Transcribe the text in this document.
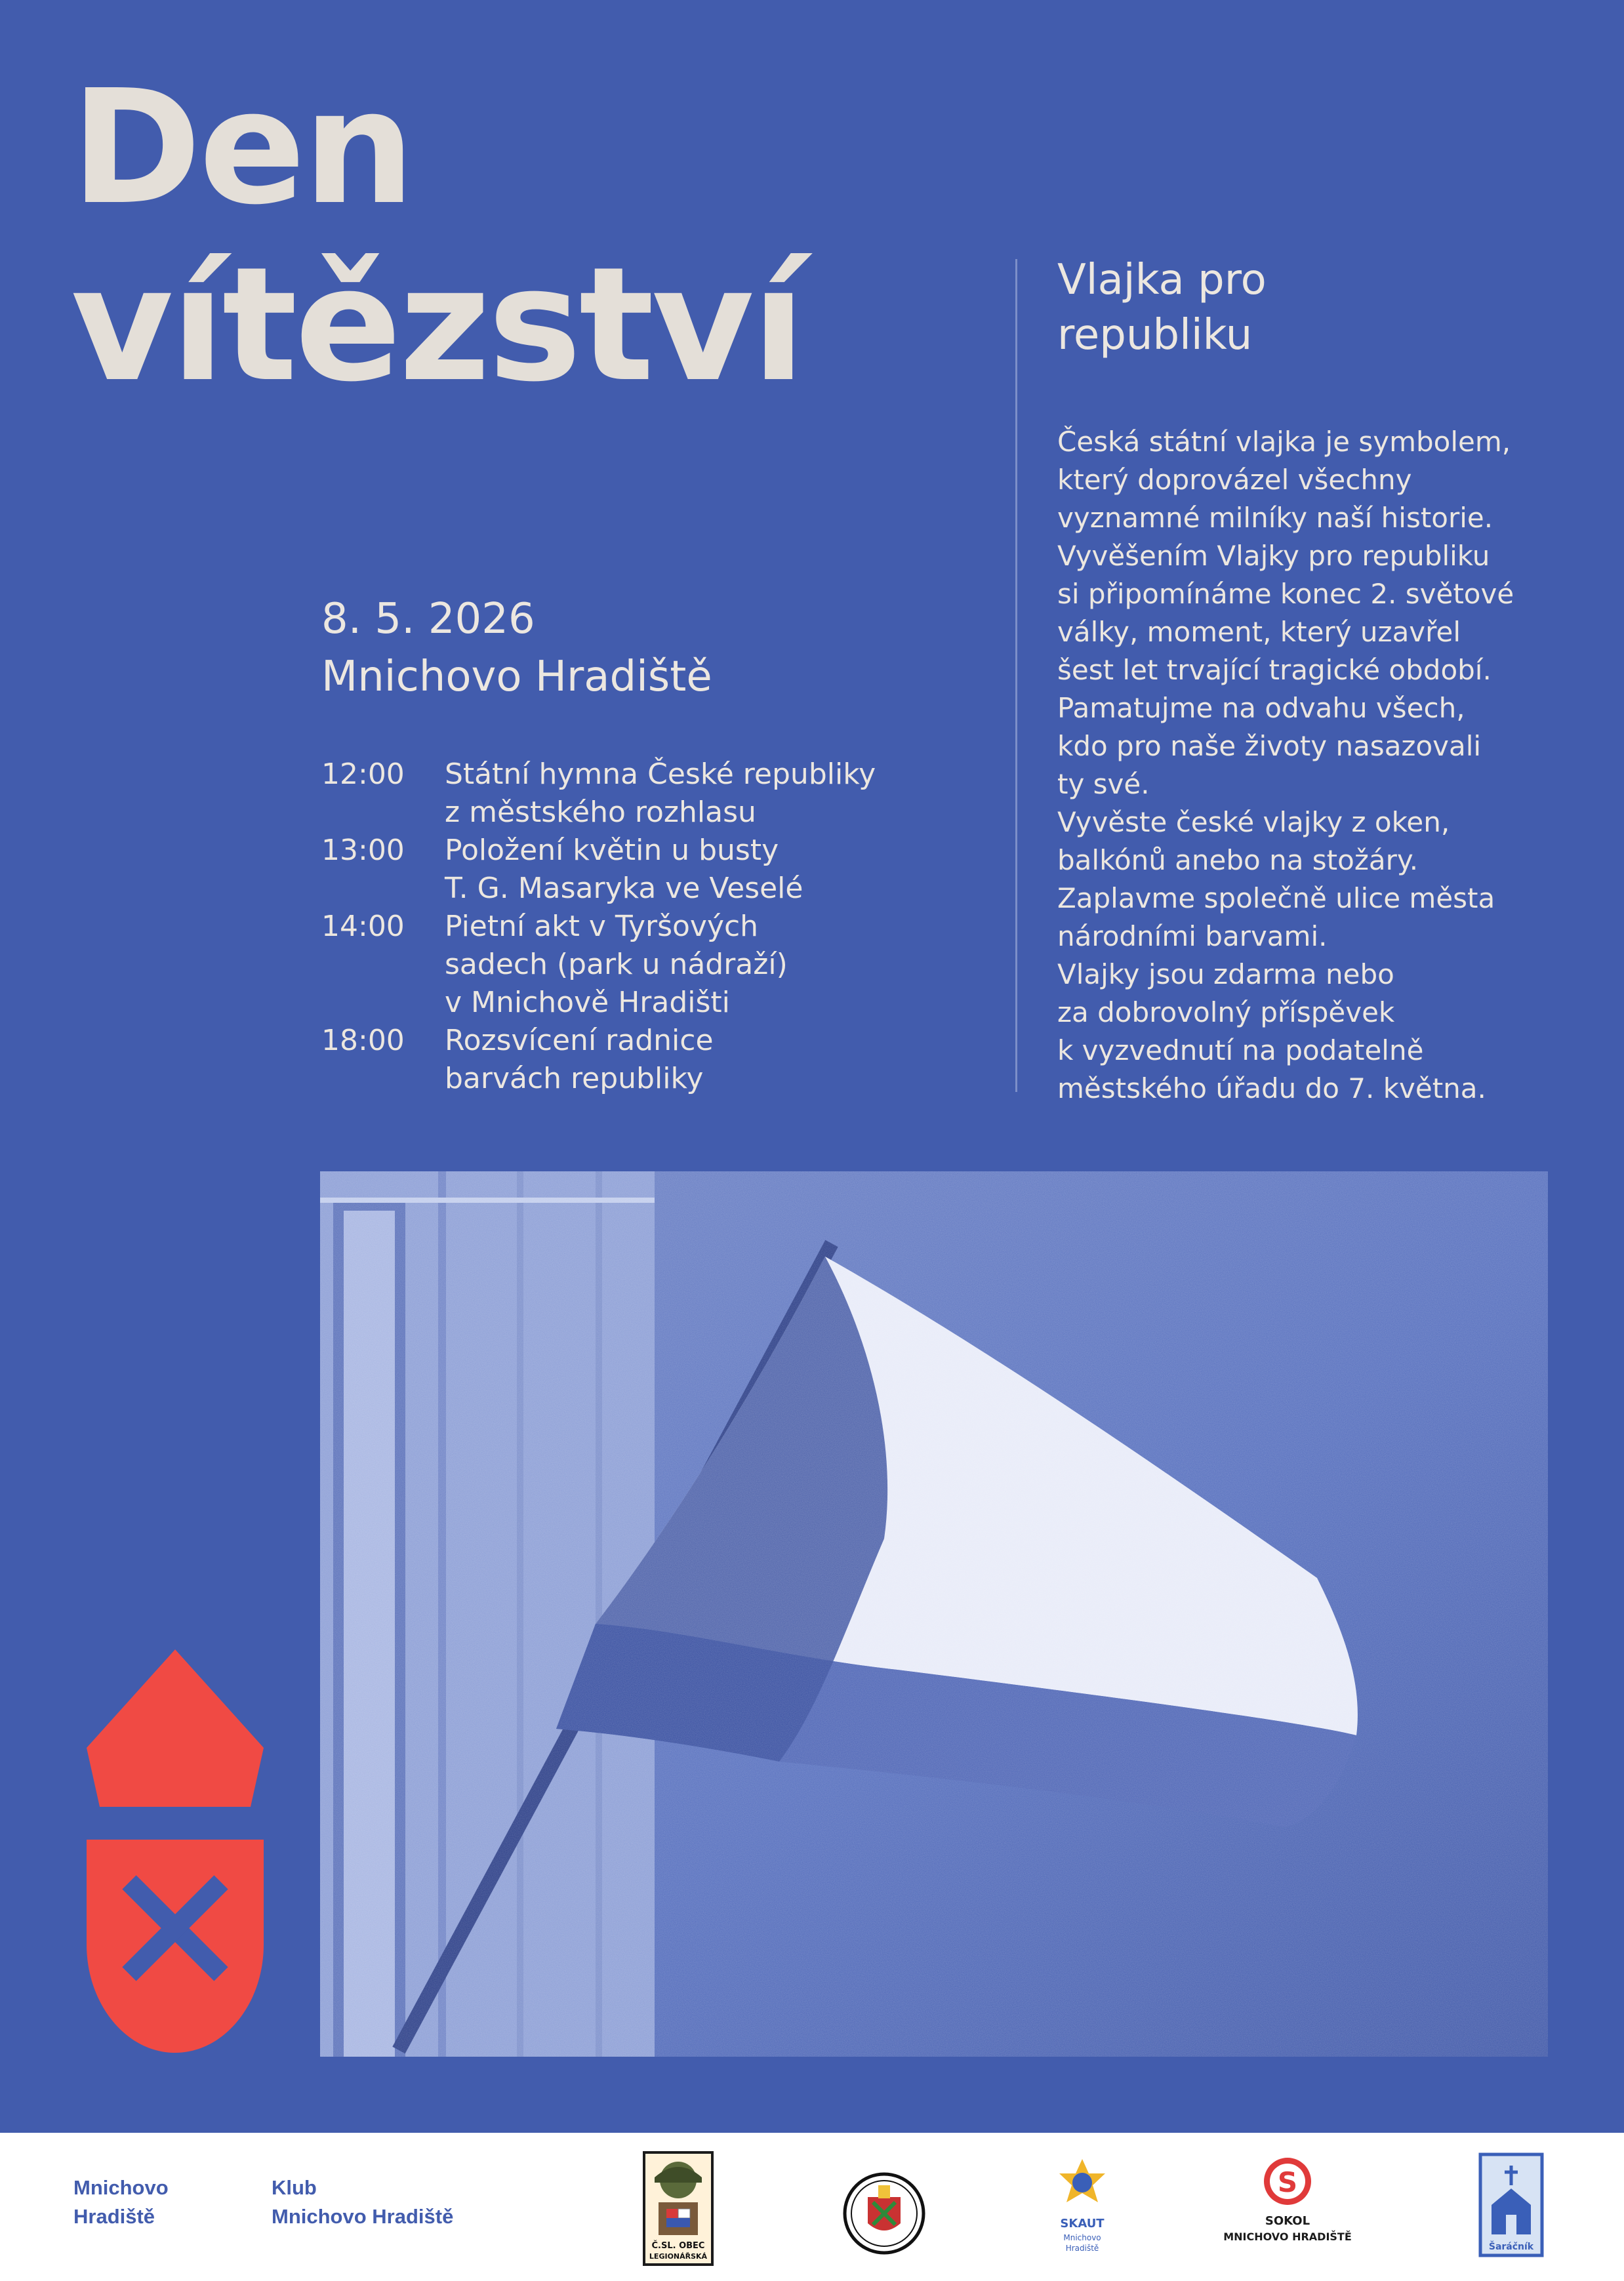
Den
vítězství	Vlajka pro
republiku
Česká státní vlajka je symbolem,
který doprovázel všechny
vyznamné milníky naší historie.
Vyvěšením Vlajky pro republiku
si připomínáme konec 2. světové
války, moment, který uzavřel
šest let trvající tragické období.
Pamatujme na odvahu všech,
kdo pro naše životy nasazovali
ty své.
Vyvěste české vlajky z oken,
balkónů anebo na stožáry.
Zaplavme společně ulice města
národními barvami.
Vlajky jsou zdarma nebo
za dobrovolný příspěvek
k vyzvednutí na podatelně
městského úřadu do 7. května.
8. 5. 2026
Mnichovo Hradiště
12:00	Státní hymna České republiky
z městského rozhlasu
13:00	Položení květin u busty
T. G. Masaryka ve Veselé
14:00	Pietní akt v Tyršových
sadech (park u nádraží)
v Mnichově Hradišti
18:00	Rozsvícení radnice
barvách republiky
Mnichovo
Hradiště
Klub
Mnichovo Hradiště
Č.SL. OBEC
LEGIONÁŘSKÁ
SKAUT
Mnichovo
Hradiště
S
SOKOL
MNICHOVO HRADIŠTĚ
Šaráčník
